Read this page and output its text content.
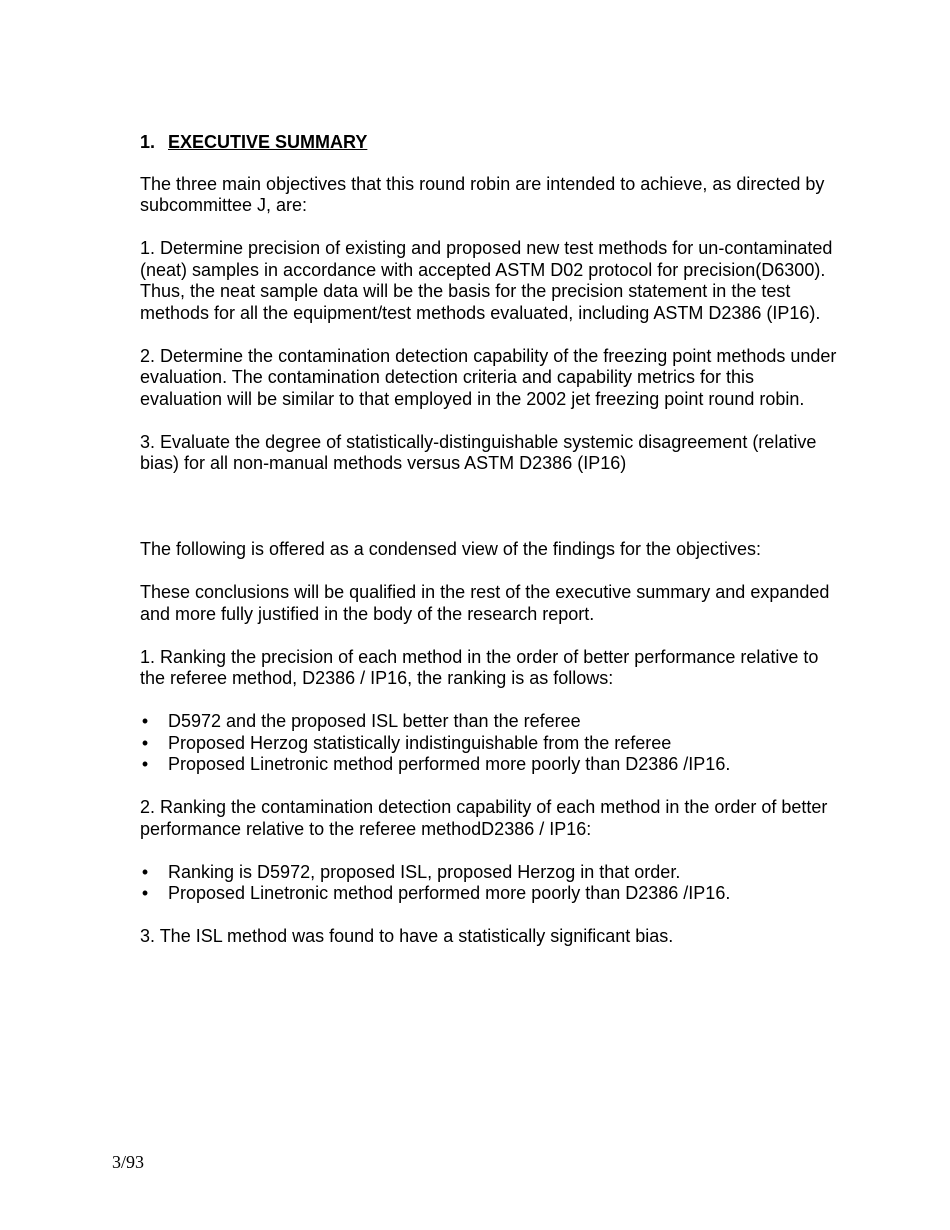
1. EXECUTIVE SUMMARY

The three main objectives that this round robin are intended to achieve, as directed by subcommittee J, are:

1. Determine precision of existing and proposed new test methods for un-contaminated (neat) samples in accordance with accepted ASTM D02 protocol for precision(D6300). Thus, the neat sample data will be the basis for the precision statement in the test methods for all the equipment/test methods evaluated, including ASTM D2386 (IP16).

2. Determine the contamination detection capability of the freezing point methods under evaluation. The contamination detection criteria and capability metrics for this evaluation will be similar to that employed in the 2002 jet freezing point round robin.

3. Evaluate the degree of statistically-distinguishable systemic disagreement (relative bias) for all non-manual methods versus ASTM D2386 (IP16)

The following is offered as a condensed view of the findings for the objectives:

These conclusions will be qualified in the rest of the executive summary and expanded and more fully justified in the body of the research report.

1. Ranking the precision of each method in the order of better performance relative to the referee method, D2386 / IP16, the ranking is as follows:

• D5972 and the proposed ISL better than the referee
• Proposed Herzog statistically indistinguishable from the referee
• Proposed Linetronic method performed more poorly than D2386 /IP16.

2. Ranking the contamination detection capability of each method in the order of better performance relative to the referee methodD2386 / IP16:

• Ranking is D5972, proposed ISL, proposed Herzog in that order.
• Proposed Linetronic method performed more poorly than D2386 /IP16.

3. The ISL method was found to have a statistically significant bias.

3/93
